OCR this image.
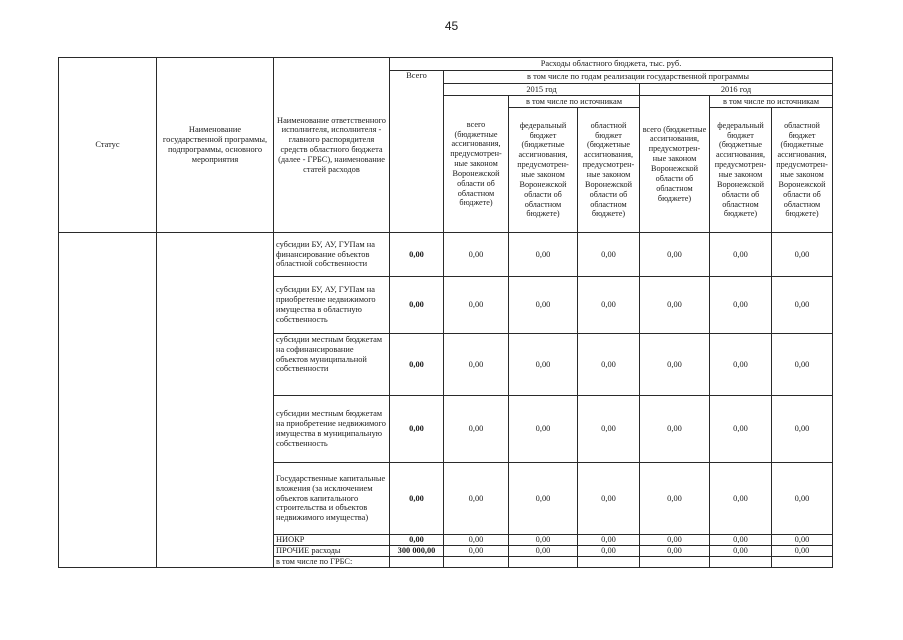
45
Статус	Наименование государственной программы, подпрограммы, основного мероприятия	Наименование ответственного исполнителя, исполнителя - главного распорядителя средств областного бюджета (далее - ГРБС), наименование статей расходов	Расходы областного бюджета, тыс. руб.						
			Всего	в том числе по годам реализации государственной программы					
				2015 год			2016 год		
				всего (бюджетные ассигнования, предусмотрен-ные законом Воронежской области об областном бюджете)	в том числе по источникам		всего (бюджетные ассигнования, предусмотрен-ные законом Воронежской области об областном бюджете)	в том числе по источникам	
					федеральный бюджет (бюджетные ассигнования, предусмотрен-ные законом Воронежской области об областном бюджете)	областной бюджет (бюджетные ассигнования, предусмотрен-ные законом Воронежской области об областном бюджете)		федеральный бюджет (бюджетные ассигнования, предусмотрен-ные законом Воронежской области об областном бюджете)	областной бюджет (бюджетные ассигнования, предусмотрен-ные законом Воронежской области об областном бюджете)
		субсидии БУ, АУ, ГУПам на финансирование объектов областной собственности	0,00	0,00	0,00	0,00	0,00	0,00	0,00
		субсидии БУ, АУ, ГУПам на приобретение недвижимого имущества в областную собственность	0,00	0,00	0,00	0,00	0,00	0,00	0,00
		субсидии местным бюджетам на софинансирование объектов муниципальной собственности	0,00	0,00	0,00	0,00	0,00	0,00	0,00
		субсидии местным бюджетам на приобретение недвижимого имущества в муниципальную собственность	0,00	0,00	0,00	0,00	0,00	0,00	0,00
		Государственные капитальные вложения (за исключением объектов капитального строительства и объектов недвижимого имущества)	0,00	0,00	0,00	0,00	0,00	0,00	0,00
		НИОКР	0,00	0,00	0,00	0,00	0,00	0,00	0,00
		ПРОЧИЕ расходы	300 000,00	0,00	0,00	0,00	0,00	0,00	0,00
		в том числе по ГРБС:							
